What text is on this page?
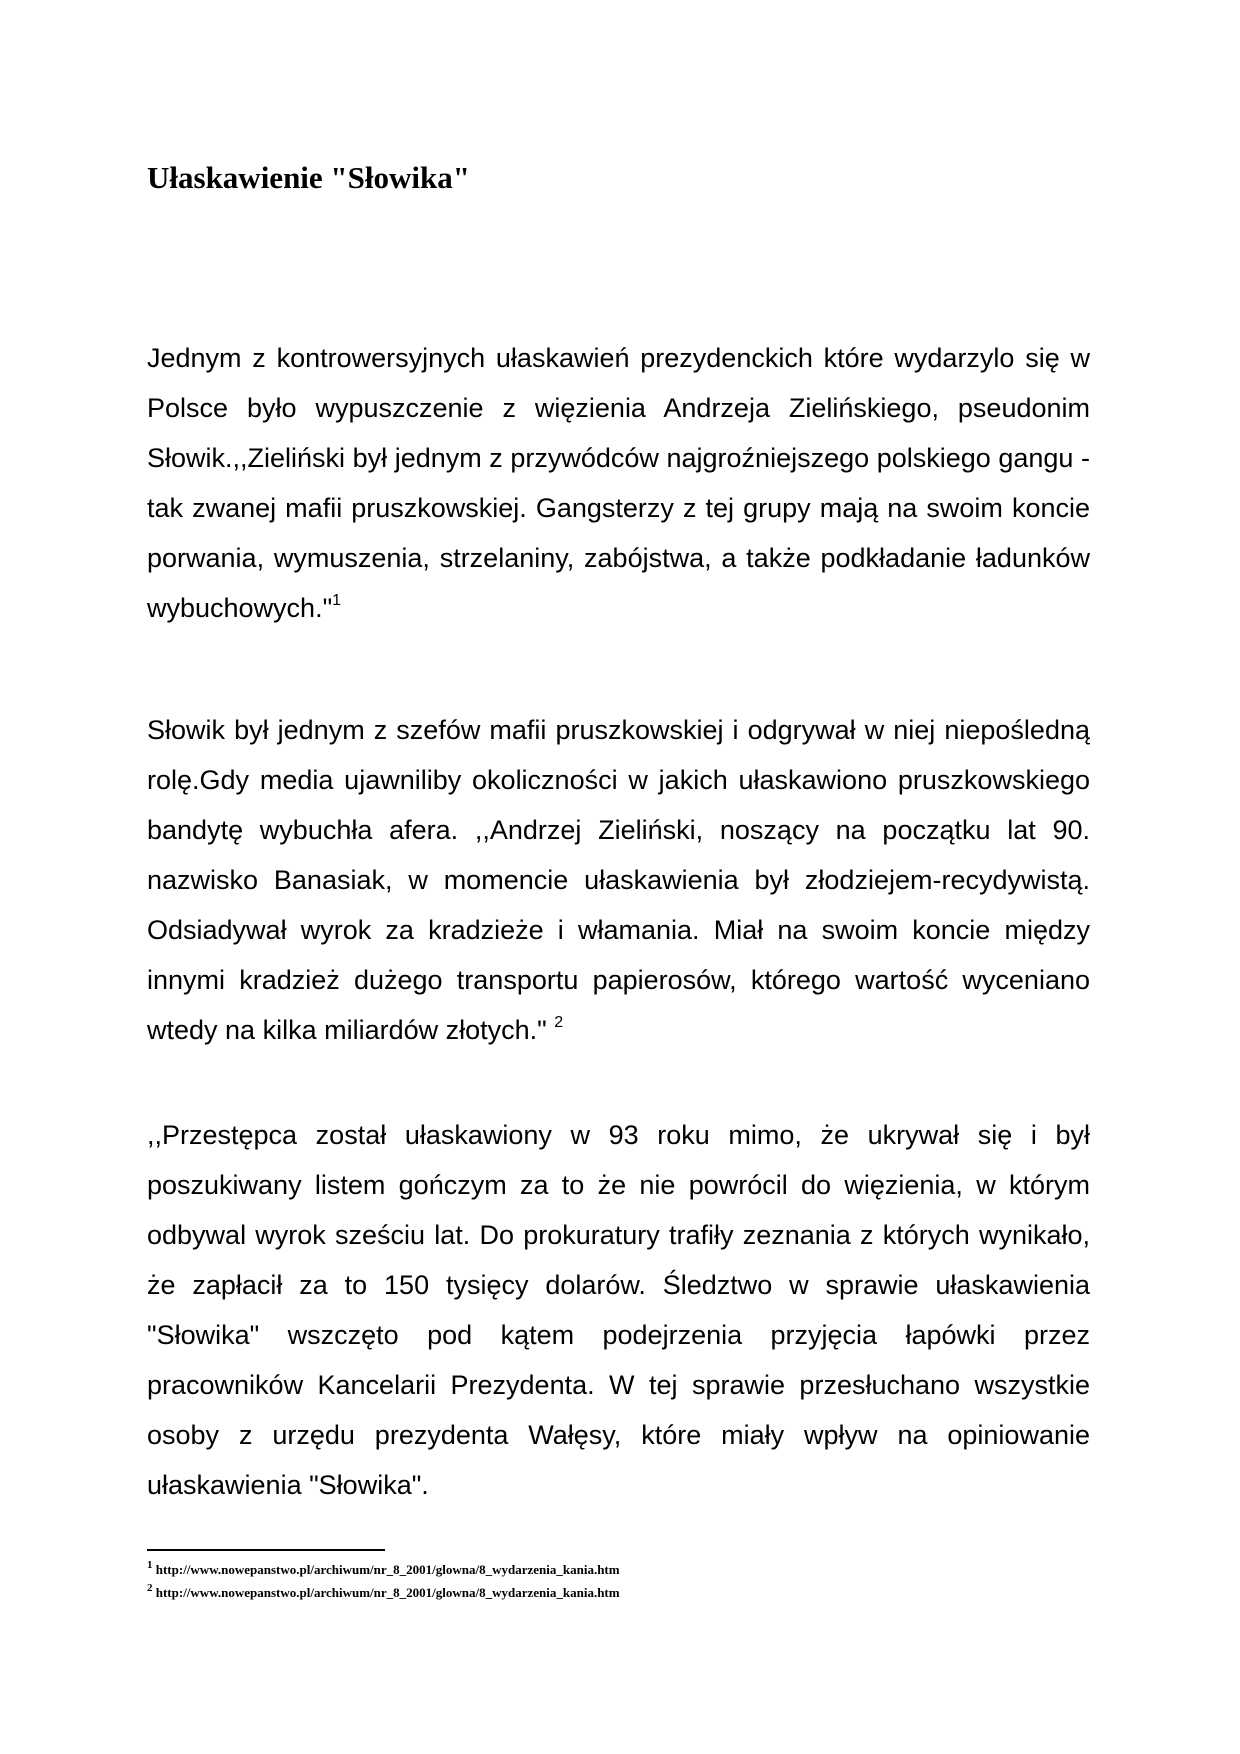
Ułaskawienie "Słowika"

Jednym z kontrowersyjnych ułaskawień prezydenckich które wydarzylo się w Polsce było wypuszczenie z więzienia Andrzeja Zielińskiego, pseudonim Słowik.,,Zieliński był jednym z przywódców najgroźniejszego polskiego gangu - tak zwanej mafii pruszkowskiej. Gangsterzy z tej grupy mają na swoim koncie porwania, wymuszenia, strzelaniny, zabójstwa, a także podkładanie ładunków wybuchowych."$^1$

Słowik był jednym z szefów mafii pruszkowskiej i odgrywał w niej niepośledną rolę.Gdy media ujawniliby okoliczności w jakich ułaskawiono pruszkowskiego bandytę wybuchła afera. ,,Andrzej Zieliński, noszący na początku lat 90. nazwisko Banasiak, w momencie ułaskawienia był złodziejem-recydywistą. Odsiadywał wyrok za kradzieże i włamania. Miał na swoim koncie między innymi kradzież dużego transportu papierosów, którego wartość wyceniano wtedy na kilka miliardów złotych." $^2$

,,Przestępca został ułaskawiony w 93 roku mimo, że ukrywał się i był poszukiwany listem gończym za to że nie powrócil do więzienia, w którym odbywal wyrok sześciu lat. Do prokuratury trafiły zeznania z których wynikało, że zapłacił za to 150 tysięcy dolarów. Śledztwo w sprawie ułaskawienia "Słowika" wszczęto pod kątem podejrzenia przyjęcia łapówki przez pracowników Kancelarii Prezydenta. W tej sprawie przesłuchano wszystkie osoby z urzędu prezydenta Wałęsy, które miały wpływ na opiniowanie ułaskawienia "Słowika".

$^1$ http://www.nowepanstwo.pl/archiwum/nr_8_2001/glowna/8_wydarzenia_kania.htm
$^2$ http://www.nowepanstwo.pl/archiwum/nr_8_2001/glowna/8_wydarzenia_kania.htm
